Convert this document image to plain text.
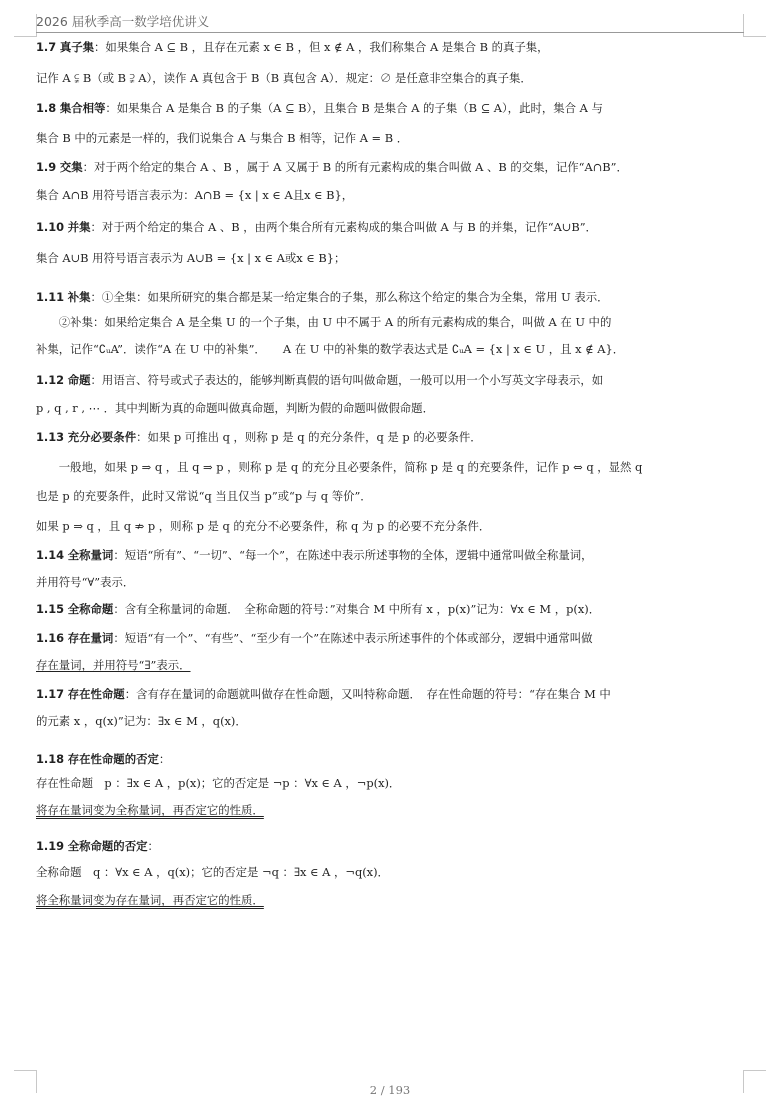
2026 届秋季高一数学培优讲义
1.7 真子集：如果集合 A ⊆ B ，且存在元素 x ∈ B ，但 x ∉ A ，我们称集合 A 是集合 B 的真子集，
记作 A ⫋ B（或 B ⫌ A），读作 A 真包含于 B（B 真包含 A）．规定：∅ 是任意非空集合的真子集．
1.8 集合相等：如果集合 A 是集合 B 的子集（A ⊆ B），且集合 B 是集合 A 的子集（B ⊆ A），此时，集合 A 与
集合 B 中的元素是一样的，我们说集合 A 与集合 B 相等，记作 A = B ．
1.9 交集：对于两个给定的集合 A 、B ，属于 A 又属于 B 的所有元素构成的集合叫做 A 、B 的交集，记作“A∩B”．
集合 A∩B 用符号语言表示为：A∩B = {x | x ∈ A且x ∈ B}，
1.10 并集：对于两个给定的集合 A 、B ，由两个集合所有元素构成的集合叫做 A 与 B 的并集，记作“A∪B”．
集合 A∪B 用符号语言表示为 A∪B = {x | x ∈ A或x ∈ B}；
1.11 补集：①全集：如果所研究的集合都是某一给定集合的子集，那么称这个给定的集合为全集，常用 U 表示．
　　②补集：如果给定集合 A 是全集 U 的一个子集，由 U 中不属于 A 的所有元素构成的集合，叫做 A 在 U 中的
补集，记作“∁ᵤA”．读作“A 在 U 中的补集”．　　A 在 U 中的补集的数学表达式是 ∁ᵤA = {x | x ∈ U ，且 x ∉ A}．
1.12 命题：用语言、符号或式子表达的，能够判断真假的语句叫做命题，一般可以用一个小写英文字母表示，如
p , q , r , ⋯ ．其中判断为真的命题叫做真命题，判断为假的命题叫做假命题．
1.13 充分必要条件：如果 p 可推出 q ，则称 p 是 q 的充分条件，q 是 p 的必要条件．
　　一般地，如果 p ⇒ q ，且 q ⇒ p ，则称 p 是 q 的充分且必要条件，简称 p 是 q 的充要条件，记作 p ⇔ q ，显然 q
也是 p 的充要条件，此时又常说“q 当且仅当 p”或“p 与 q 等价”．
如果 p ⇒ q ，且 q ⇏ p ，则称 p 是 q 的充分不必要条件，称 q 为 p 的必要不充分条件．
1.14 全称量词：短语“所有”、“一切”、“每一个”，在陈述中表示所述事物的全体，逻辑中通常叫做全称量词，
并用符号“∀”表示．
1.15 全称命题：含有全称量词的命题．　全称命题的符号：”对集合 M 中所有 x ，p(x)”记为：∀x ∈ M ，p(x)．
1.16 存在量词：短语“有一个”、“有些”、“至少有一个”在陈述中表示所述事件的个体或部分，逻辑中通常叫做
存在量词，并用符号“∃”表示．
1.17 存在性命题：含有存在量词的命题就叫做存在性命题，又叫特称命题．　存在性命题的符号：“存在集合 M 中
的元素 x ，q(x)”记为：∃x ∈ M ，q(x)．
1.18 存在性命题的否定：
存在性命题　p ：∃x ∈ A ，p(x)；它的否定是 ¬p ：∀x ∈ A ，¬p(x)．
将存在量词变为全称量词，再否定它的性质．
1.19 全称命题的否定：
全称命题　q ：∀x ∈ A ，q(x)；它的否定是 ¬q ：∃x ∈ A ，¬q(x)．
将全称量词变为存在量词，再否定它的性质．
2 / 193
